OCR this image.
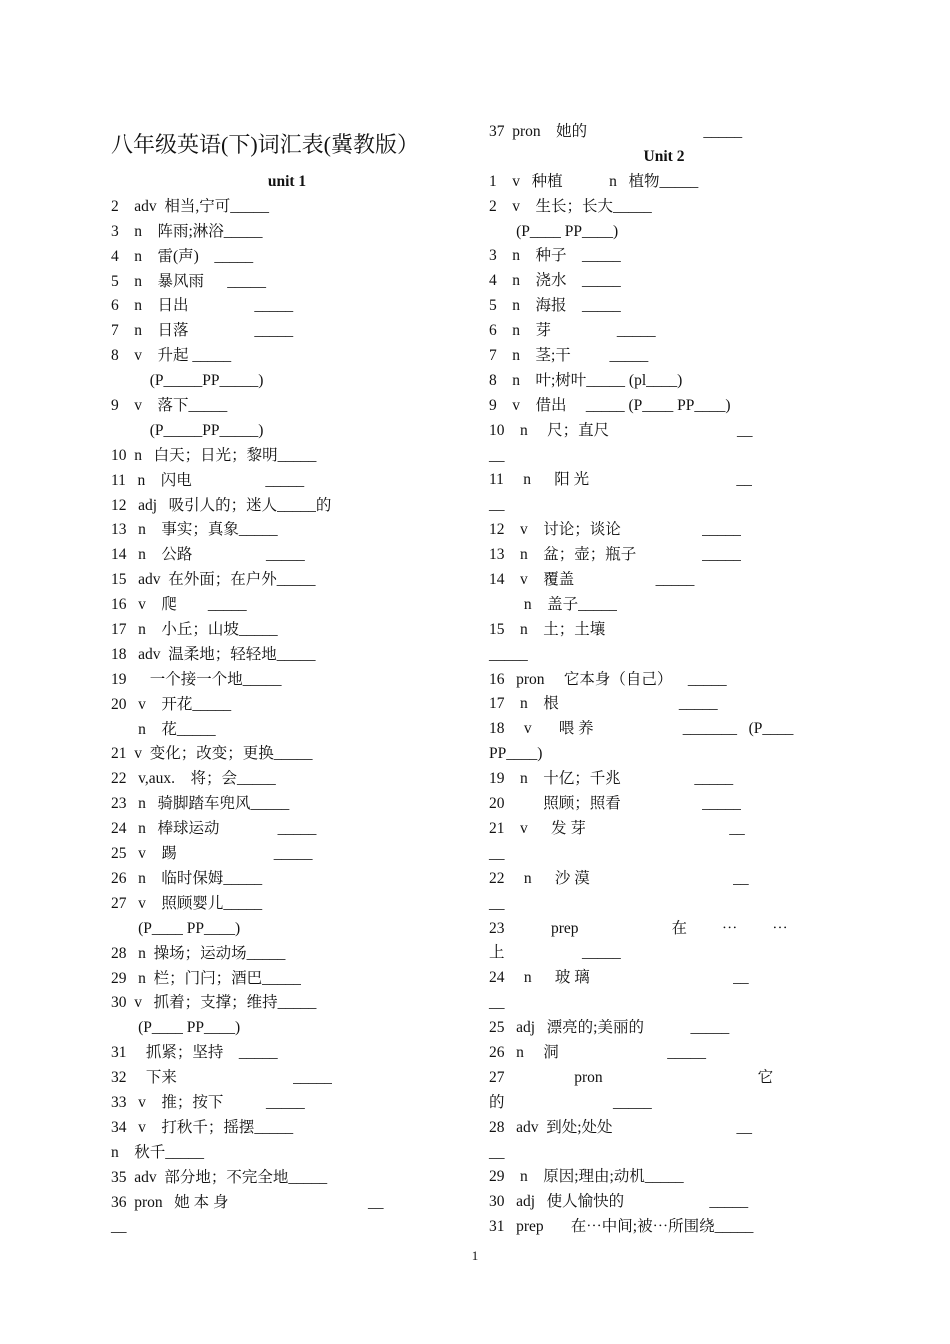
八年级英语(下)词汇表(冀教版）
unit 1
2    adv  相当,宁可_____
3    n    阵雨;淋浴_____
4    n    雷(声)    _____
5    n    暴风雨      _____
6    n    日出                 _____
7    n    日落                 _____
8    v    升起 _____
(P_____PP_____)
9    v    落下_____
(P_____PP_____)
10  n   白天；日光；黎明_____
11   n    闪电                   _____
12   adj   吸引人的；迷人_____的
13   n    事实；真象_____
14   n    公路                   _____
15   adv  在外面；在户外_____
16   v    爬        _____
17   n    小丘；山坡_____
18   adv  温柔地；轻轻地_____
19      一个接一个地_____
20   v    开花_____
n    花_____
21  v  变化；改变；更换_____
22   v,aux.    将；会_____
23   n   骑脚踏车兜风_____
24   n   棒球运动               _____
25   v    踢                         _____
26   n    临时保姆_____
27   v    照顾婴儿_____
(P____ PP____)
28   n  操场；运动场_____
29   n  栏；门闩；酒巴_____
30  v   抓着；支撑；维持_____
(P____ PP____)
31     抓紧；坚持    _____
32     下来                              _____
33   v    推；按下           _____
34   v    打秋千；摇摆_____
n    秋千_____
35  adv  部分地；不完全地_____
36  pron   她 本 身                                    __
__
37  pron    她的                              _____
Unit 2
1    v   种植            n   植物_____
2    v    生长；长大_____
(P____ PP____)
3    n    种子    _____
4    n    浇水    _____
5    n    海报    _____
6    n    芽                 _____
7    n    茎;干          _____
8    n    叶;树叶_____ (pl____)
9    v    借出     _____ (P____ PP____)
10    n     尺；直尺                                 __
__
11     n      阳 光                                      __
__
12    v    讨论；谈论                     _____
13    n    盆；壶；瓶子                 _____
14    v    覆盖                     _____
n    盖子_____
15    n    土；土壤
_____
16   pron     它本身（自己）    _____
17    n    根                               _____
18     v       喂 养                       _______   (P____
PP____)
19    n    十亿；千兆                   _____
20          照顾；照看                     _____
21    v      发 芽                                     __
__
22     n      沙 漠                                     __
__
23            prep                        在         ⋯         ⋯
上                    _____
24     n      玻 璃                                     __
__
25   adj   漂亮的;美丽的            _____
26   n     洞                            _____
27                  pron                                        它
的                            _____
28   adv  到处;处处                                __
__
29    n    原因;理由;动机_____
30   adj   使人愉快的                      _____
31   prep       在⋯中间;被⋯所围绕_____
1
